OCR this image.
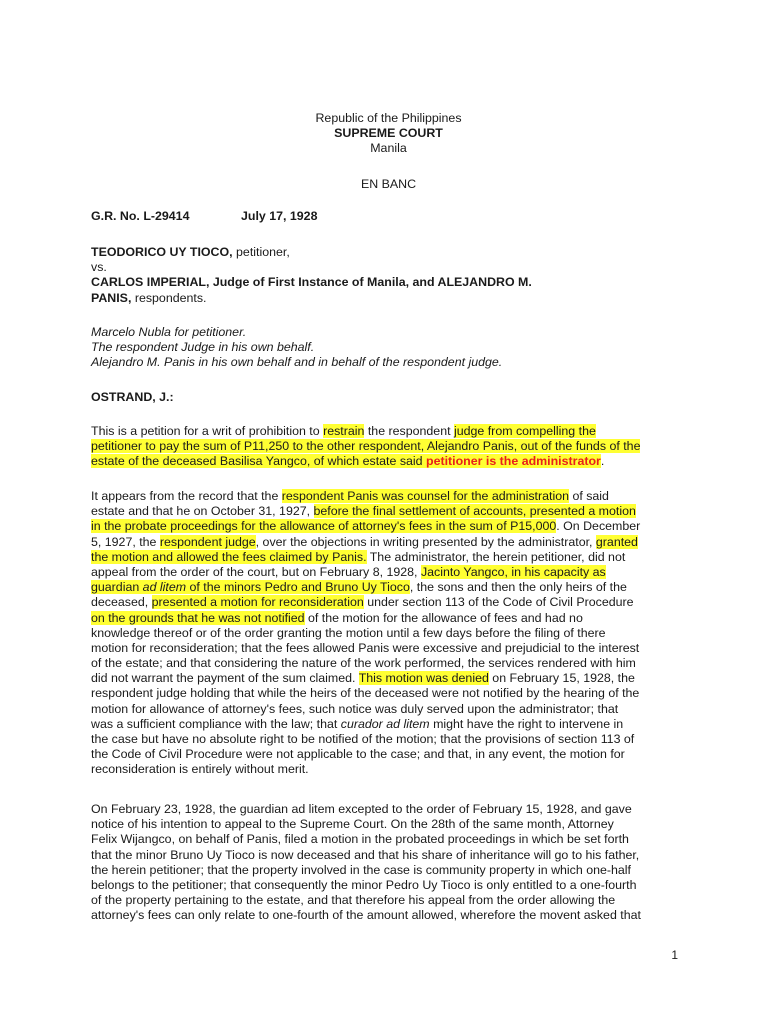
Republic of the Philippines
SUPREME COURT
Manila
EN BANC
G.R. No. L-29414	July 17, 1928
TEODORICO UY TIOCO, petitioner,
vs.
CARLOS IMPERIAL, Judge of First Instance of Manila, and ALEJANDRO M.
PANIS, respondents.
Marcelo Nubla for petitioner.
The respondent Judge in his own behalf.
Alejandro M. Panis in his own behalf and in behalf of the respondent judge.
OSTRAND, J.:
This is a petition for a writ of prohibition to restrain the respondent judge from compelling the
petitioner to pay the sum of P11,250 to the other respondent, Alejandro Panis, out of the funds of the
estate of the deceased Basilisa Yangco, of which estate said petitioner is the administrator.
It appears from the record that the respondent Panis was counsel for the administration of said
estate and that he on October 31, 1927, before the final settlement of accounts, presented a motion
in the probate proceedings for the allowance of attorney's fees in the sum of P15,000. On December
5, 1927, the respondent judge, over the objections in writing presented by the administrator, granted
the motion and allowed the fees claimed by Panis. The administrator, the herein petitioner, did not
appeal from the order of the court, but on February 8, 1928, Jacinto Yangco, in his capacity as
guardian ad litem of the minors Pedro and Bruno Uy Tioco, the sons and then the only heirs of the
deceased, presented a motion for reconsideration under section 113 of the Code of Civil Procedure
on the grounds that he was not notified of the motion for the allowance of fees and had no
knowledge thereof or of the order granting the motion until a few days before the filing of there
motion for reconsideration; that the fees allowed Panis were excessive and prejudicial to the interest
of the estate; and that considering the nature of the work performed, the services rendered with him
did not warrant the payment of the sum claimed. This motion was denied on February 15, 1928, the
respondent judge holding that while the heirs of the deceased were not notified by the hearing of the
motion for allowance of attorney's fees, such notice was duly served upon the administrator; that
was a sufficient compliance with the law; that curador ad litem might have the right to intervene in
the case but have no absolute right to be notified of the motion; that the provisions of section 113 of
the Code of Civil Procedure were not applicable to the case; and that, in any event, the motion for
reconsideration is entirely without merit.
On February 23, 1928, the guardian ad litem excepted to the order of February 15, 1928, and gave
notice of his intention to appeal to the Supreme Court. On the 28th of the same month, Attorney
Felix Wijangco, on behalf of Panis, filed a motion in the probated proceedings in which be set forth
that the minor Bruno Uy Tioco is now deceased and that his share of inheritance will go to his father,
the herein petitioner; that the property involved in the case is community property in which one-half
belongs to the petitioner; that consequently the minor Pedro Uy Tioco is only entitled to a one-fourth
of the property pertaining to the estate, and that therefore his appeal from the order allowing the
attorney's fees can only relate to one-fourth of the amount allowed, wherefore the movent asked that
1
